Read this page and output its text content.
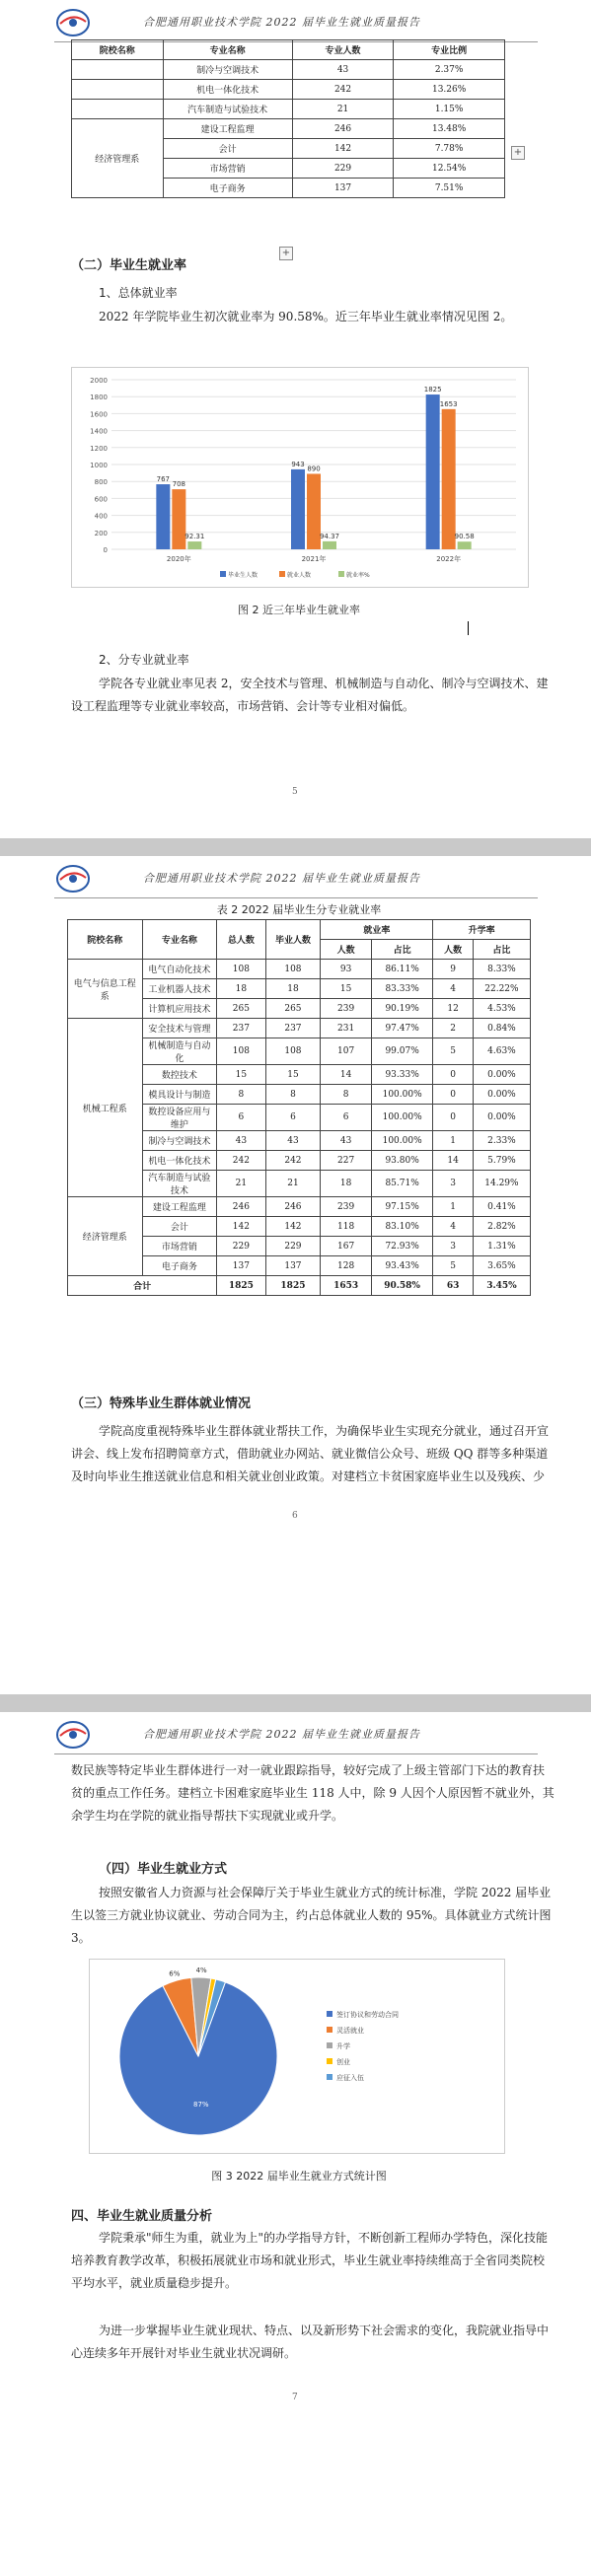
合肥通用职业技术学院 2022 届毕业生就业质量报告
院校名称	专业名称	专业人数	专业比例
	制冷与空调技术	43	2.37%
	机电一体化技术	242	13.26%
	汽车制造与试验技术	21	1.15%
经济管理系	建设工程监理	246	13.48%
	会计	142	7.78%
	市场营销	229	12.54%
	电子商务	137	7.51%
+
+
（二）毕业生就业率
1、总体就业率
2022 年学院毕业生初次就业率为 90.58%。近三年毕业生就业率情况见图 2。
0
200
400
600
800
1000
1200
1400
1600
1800
2000
767
708
92.31
2020年
943
890
94.37
2021年
1825
1653
90.58
2022年
毕业生人数	就业人数	就业率%
图 2 近三年毕业生就业率
2、分专业就业率
学院各专业就业率见表 2，安全技术与管理、机械制造与自动化、制冷与空调技术、建设工程监理等专业就业率较高，市场营销、会计等专业相对偏低。
5
合肥通用职业技术学院 2022 届毕业生就业质量报告
表 2 2022 届毕业生分专业就业率
院校名称	专业名称	总人数	毕业人数	就业率		升学率	
				人数	占比	人数	占比
电气与信息工程系	电气自动化技术	108	108	93	86.11%	9	8.33%
	工业机器人技术	18	18	15	83.33%	4	22.22%
	计算机应用技术	265	265	239	90.19%	12	4.53%
机械工程系	安全技术与管理	237	237	231	97.47%	2	0.84%
	机械制造与自动化	108	108	107	99.07%	5	4.63%
	数控技术	15	15	14	93.33%	0	0.00%
	模具设计与制造	8	8	8	100.00%	0	0.00%
	数控设备应用与维护	6	6	6	100.00%	0	0.00%
	制冷与空调技术	43	43	43	100.00%	1	2.33%
	机电一体化技术	242	242	227	93.80%	14	5.79%
	汽车制造与试验技术	21	21	18	85.71%	3	14.29%
经济管理系	建设工程监理	246	246	239	97.15%	1	0.41%
	会计	142	142	118	83.10%	4	2.82%
	市场营销	229	229	167	72.93%	3	1.31%
	电子商务	137	137	128	93.43%	5	3.65%
合计		1825	1825	1653	90.58%	63	3.45%
（三）特殊毕业生群体就业情况
学院高度重视特殊毕业生群体就业帮扶工作，为确保毕业生实现充分就业，通过召开宣讲会、线上发布招聘简章方式，借助就业办网站、就业微信公众号、班级 QQ 群等多种渠道及时向毕业生推送就业信息和相关就业创业政策。对建档立卡贫困家庭毕业生以及残疾、少
6
合肥通用职业技术学院 2022 届毕业生就业质量报告
数民族等特定毕业生群体进行一对一就业跟踪指导，较好完成了上级主管部门下达的教育扶贫的重点工作任务。建档立卡困难家庭毕业生 118 人中，除 9 人因个人原因暂不就业外，其余学生均在学院的就业指导帮扶下实现就业或升学。
（四）毕业生就业方式
按照安徽省人力资源与社会保障厅关于毕业生就业方式的统计标准，学院 2022 届毕业生以签三方就业协议就业、劳动合同为主，约占总体就业人数的 95%。具体就业方式统计图 3。
87%
6% 4%
签订协议和劳动合同
灵活就业
升学
创业
应征入伍
图 3 2022 届毕业生就业方式统计图
四、毕业生就业质量分析
学院秉承"师生为重，就业为上"的办学指导方针，不断创新工程师办学特色，深化技能培养教育教学改革，积极拓展就业市场和就业形式，毕业生就业率持续维高于全省同类院校平均水平，就业质量稳步提升。
为进一步掌握毕业生就业现状、特点、以及新形势下社会需求的变化，我院就业指导中心连续多年开展针对毕业生就业状况调研。
7
